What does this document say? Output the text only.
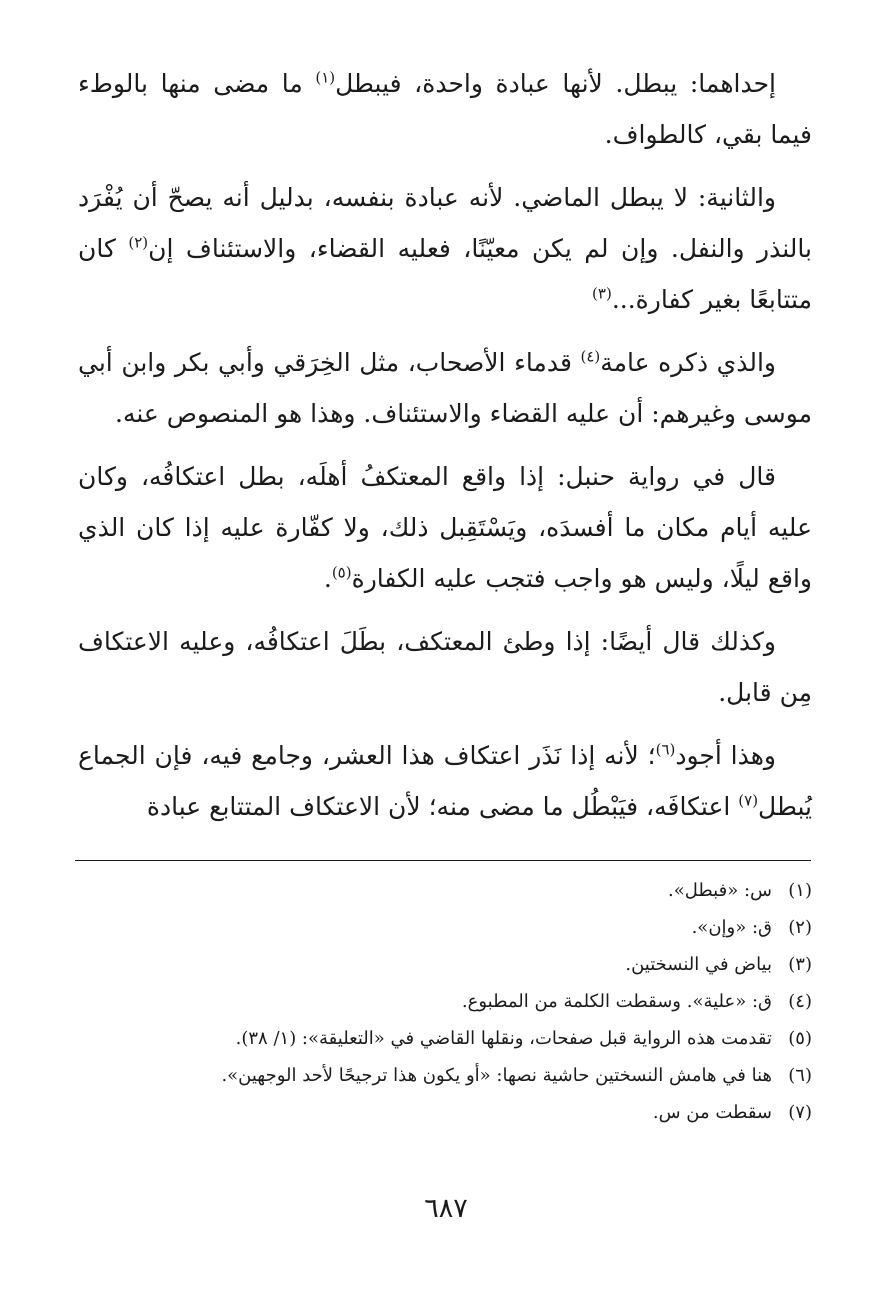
إحداهما: يبطل. لأنها عبادة واحدة، فيبطل$^{(١)}$ ما مضى منها بالوطء فيما بقي، كالطواف.

والثانية: لا يبطل الماضي. لأنه عبادة بنفسه، بدليل أنه يصحّ أن يُفْرَد بالنذر والنفل. وإن لم يكن معيّنًا، فعليه القضاء، والاستئناف إن$^{(٢)}$ كان متتابعًا بغير كفارة...$^{(٣)}$

والذي ذكره عامة$^{(٤)}$ قدماء الأصحاب، مثل الخِرَقي وأبي بكر وابن أبي موسى وغيرهم: أن عليه القضاء والاستئناف. وهذا هو المنصوص عنه.

قال في رواية حنبل: إذا واقع المعتكفُ أهلَه، بطل اعتكافُه، وكان عليه أيام مكان ما أفسدَه، ويَسْتَقِبل ذلك، ولا كفّارة عليه إذا كان الذي واقع ليلًا، وليس هو واجب فتجب عليه الكفارة$^{(٥)}$.

وكذلك قال أيضًا: إذا وطئ المعتكف، بطَلَ اعتكافُه، وعليه الاعتكاف مِن قابل.

وهذا أجود$^{(٦)}$؛ لأنه إذا نَذَر اعتكاف هذا العشر، وجامع فيه، فإن الجماع يُبطل$^{(٧)}$ اعتكافَه، فيَبْطُل ما مضى منه؛ لأن الاعتكاف المتتابع عبادة

(١)س: «فبطل».
(٢)ق: «وإن».
(٣)بياض في النسختين.
(٤)ق: «علية». وسقطت الكلمة من المطبوع.
(٥)تقدمت هذه الرواية قبل صفحات، ونقلها القاضي في «التعليقة»: (١/ ٣٨).
(٦)هنا في هامش النسختين حاشية نصها: «أو يكون هذا ترجيحًا لأحد الوجهين».
(٧)سقطت من س.
٦٨٧
